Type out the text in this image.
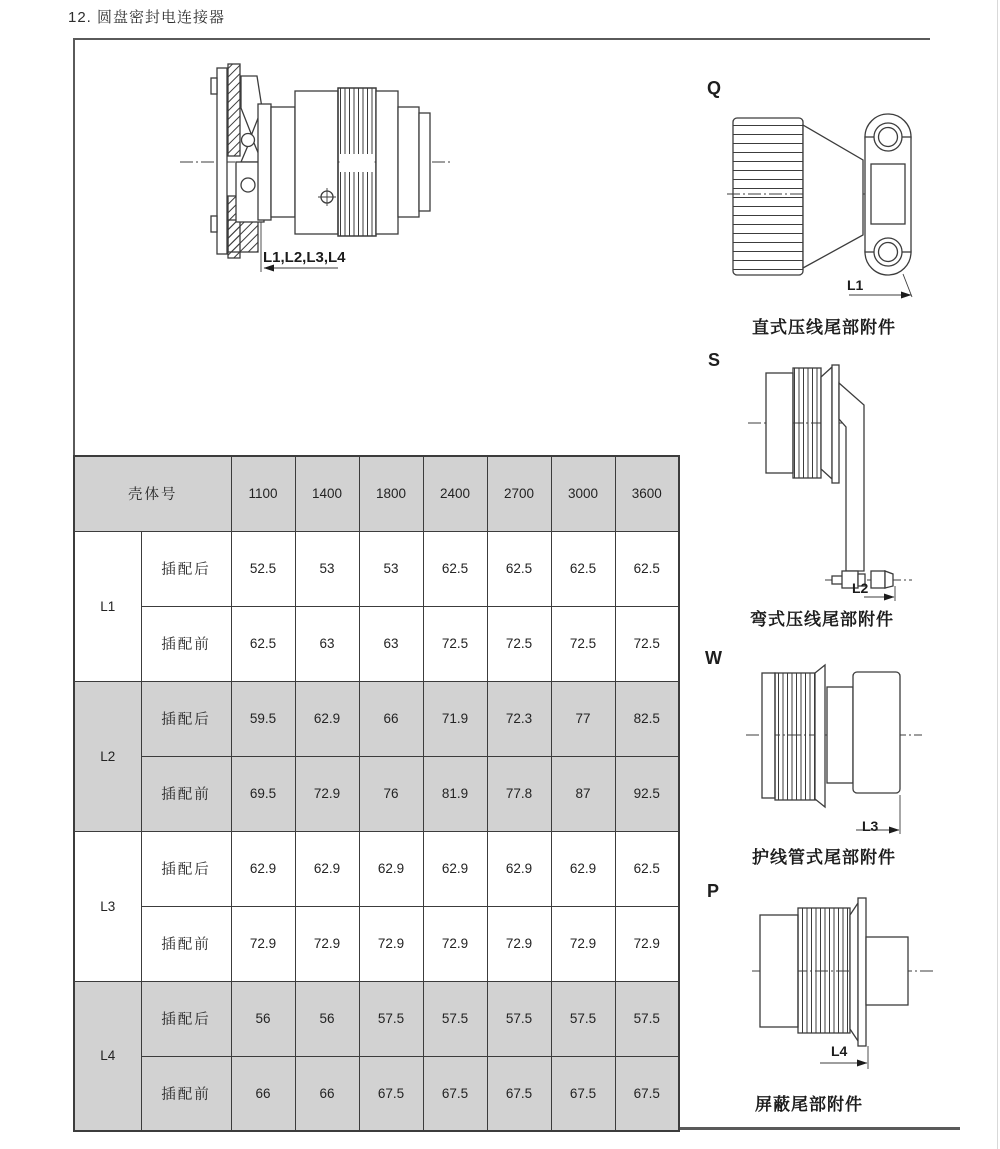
12. 圆盘密封电连接器
L1,L2,L3,L4
Q
L1
直式压线尾部附件
S
L2
弯式压线尾部附件
W
L3
护线管式尾部附件
P
L4
屏蔽尾部附件
壳体号		1100	1400	1800	2400	2700	3000	3600
L1	插配后	52.5	53	53	62.5	62.5	62.5	62.5
	插配前	62.5	63	63	72.5	72.5	72.5	72.5
L2	插配后	59.5	62.9	66	71.9	72.3	77	82.5
	插配前	69.5	72.9	76	81.9	77.8	87	92.5
L3	插配后	62.9	62.9	62.9	62.9	62.9	62.9	62.5
	插配前	72.9	72.9	72.9	72.9	72.9	72.9	72.9
L4	插配后	56	56	57.5	57.5	57.5	57.5	57.5
	插配前	66	66	67.5	67.5	67.5	67.5	67.5
